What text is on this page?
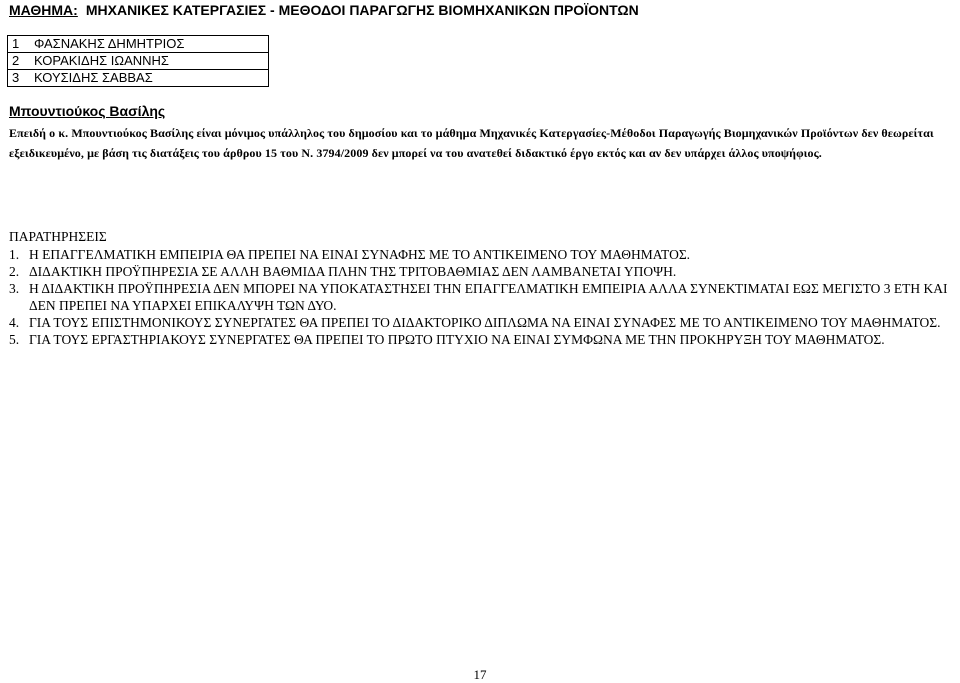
ΜΑΘΗΜΑ: ΜΗΧΑΝΙΚΕΣ ΚΑΤΕΡΓΑΣΙΕΣ - ΜΕΘΟΔΟΙ ΠΑΡΑΓΩΓΗΣ ΒΙΟΜΗΧΑΝΙΚΩΝ ΠΡΟΪΟΝΤΩΝ
1	ΦΑΣΝΑΚΗΣ ΔΗΜΗΤΡΙΟΣ
2	ΚΟΡΑΚΙΔΗΣ ΙΩΑΝΝΗΣ
3	ΚΟΥΣΙΔΗΣ ΣΑΒΒΑΣ
Μπουντιούκος Βασίλης
Επειδή ο κ. Μπουντιούκος Βασίλης είναι μόνιμος υπάλληλος του δημοσίου και το μάθημα Μηχανικές Κατεργασίες-Μέθοδοι Παραγωγής Βιομηχανικών Προϊόντων δεν θεωρείται εξειδικευμένο, με βάση τις διατάξεις του άρθρου 15 του Ν. 3794/2009 δεν μπορεί να του ανατεθεί διδακτικό έργο εκτός και αν δεν υπάρχει άλλος υποψήφιος.
ΠΑΡΑΤΗΡΗΣΕΙΣ
1. Η ΕΠΑΓΓΕΛΜΑΤΙΚΗ ΕΜΠΕΙΡΙΑ ΘΑ ΠΡΕΠΕΙ ΝΑ ΕΙΝΑΙ ΣΥΝΑΦΗΣ ΜΕ ΤΟ ΑΝΤΙΚΕΙΜΕΝΟ ΤΟΥ ΜΑΘΗΜΑΤΟΣ.
2. ΔΙΔΑΚΤΙΚΗ ΠΡΟΫΠΗΡΕΣΙΑ ΣΕ ΑΛΛΗ ΒΑΘΜΙΔΑ ΠΛΗΝ ΤΗΣ ΤΡΙΤΟΒΑΘΜΙΑΣ ΔΕΝ ΛΑΜΒΑΝΕΤΑΙ ΥΠΟΨΗ.
3. Η ΔΙΔΑΚΤΙΚΗ ΠΡΟΫΠΗΡΕΣΙΑ ΔΕΝ ΜΠΟΡΕΙ ΝΑ ΥΠΟΚΑΤΑΣΤΗΣΕΙ ΤΗΝ ΕΠΑΓΓΕΛΜΑΤΙΚΗ ΕΜΠΕΙΡΙΑ ΑΛΛΑ ΣΥΝΕΚΤΙΜΑΤΑΙ ΕΩΣ ΜΕΓΙΣΤΟ 3 ΕΤΗ ΚΑΙ ΔΕΝ ΠΡΕΠΕΙ ΝΑ ΥΠΑΡΧΕΙ ΕΠΙΚΑΛΥΨΗ ΤΩΝ ΔΥΟ.
4. ΓΙΑ ΤΟΥΣ ΕΠΙΣΤΗΜΟΝΙΚΟΥΣ ΣΥΝΕΡΓΑΤΕΣ ΘΑ ΠΡΕΠΕΙ ΤΟ ΔΙΔΑΚΤΟΡΙΚΟ ΔΙΠΛΩΜΑ ΝΑ ΕΙΝΑΙ ΣΥΝΑΦΕΣ ΜΕ ΤΟ ΑΝΤΙΚΕΙΜΕΝΟ ΤΟΥ ΜΑΘΗΜΑΤΟΣ.
5. ΓΙΑ ΤΟΥΣ ΕΡΓΑΣΤΗΡΙΑΚΟΥΣ ΣΥΝΕΡΓΑΤΕΣ ΘΑ ΠΡΕΠΕΙ ΤΟ ΠΡΩΤΟ ΠΤΥΧΙΟ ΝΑ ΕΙΝΑΙ ΣΥΜΦΩΝΑ ΜΕ ΤΗΝ ΠΡΟΚΗΡΥΞΗ ΤΟΥ ΜΑΘΗΜΑΤΟΣ.
17
